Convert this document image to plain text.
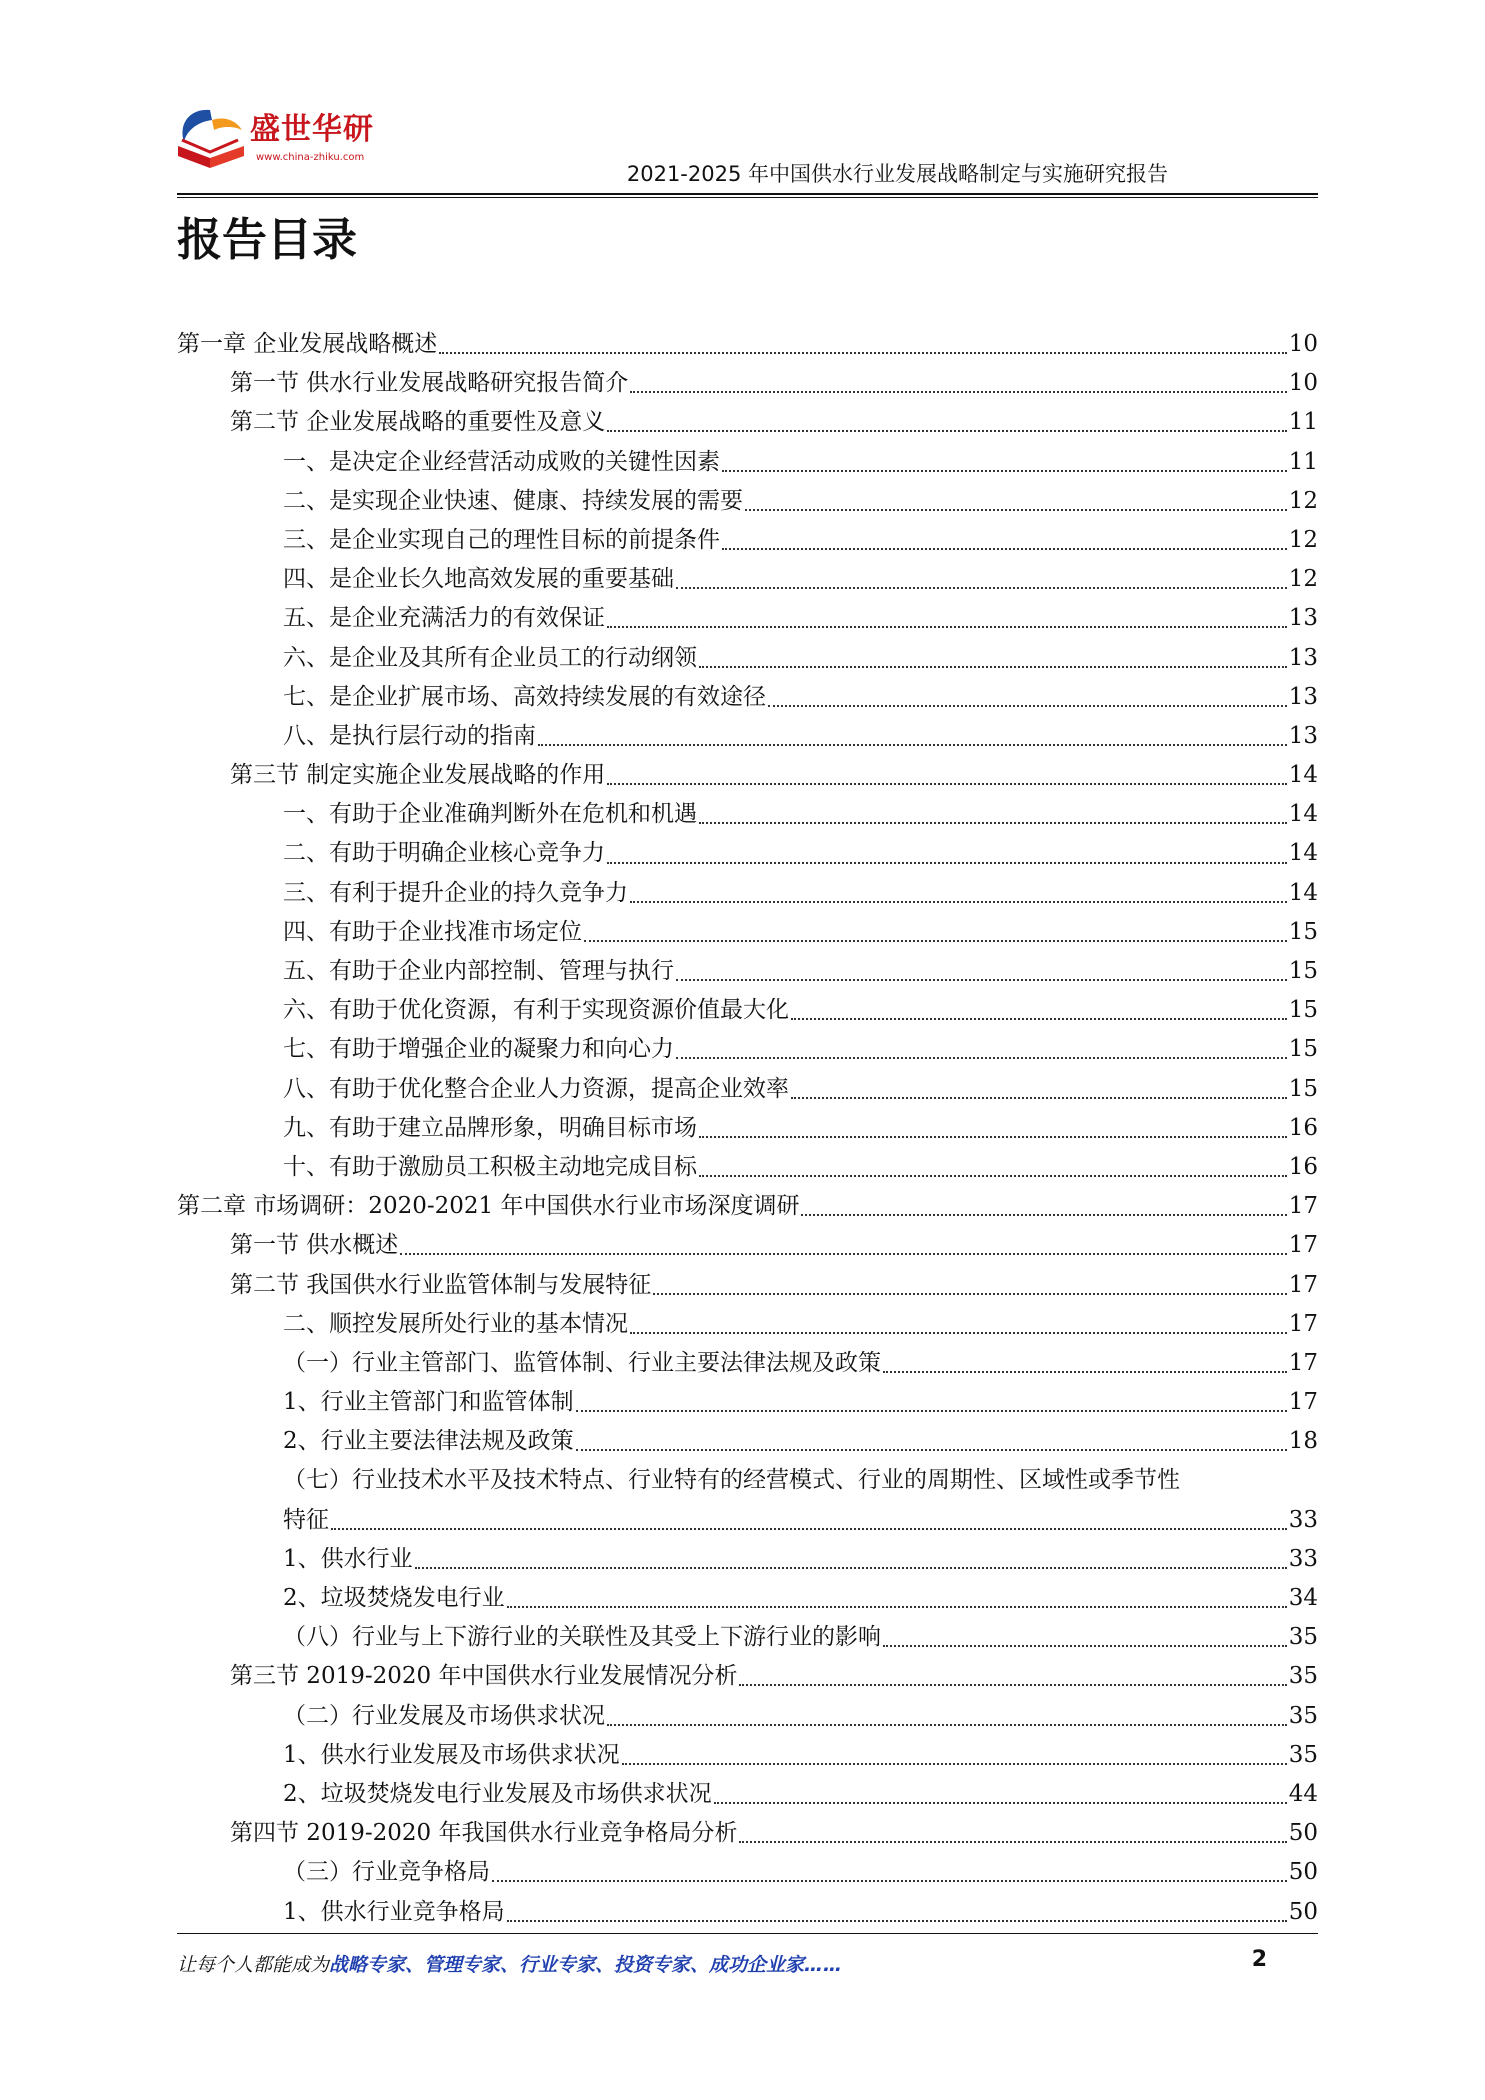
盛世华研
www.china-zhiku.com
2021-2025 年中国供水行业发展战略制定与实施研究报告
报告目录
第一章 企业发展战略概述	10
第一节 供水行业发展战略研究报告简介	10
第二节 企业发展战略的重要性及意义	11
一、是决定企业经营活动成败的关键性因素	11
二、是实现企业快速、健康、持续发展的需要	12
三、是企业实现自己的理性目标的前提条件	12
四、是企业长久地高效发展的重要基础	12
五、是企业充满活力的有效保证	13
六、是企业及其所有企业员工的行动纲领	13
七、是企业扩展市场、高效持续发展的有效途径	13
八、是执行层行动的指南	13
第三节 制定实施企业发展战略的作用	14
一、有助于企业准确判断外在危机和机遇	14
二、有助于明确企业核心竞争力	14
三、有利于提升企业的持久竞争力	14
四、有助于企业找准市场定位	15
五、有助于企业内部控制、管理与执行	15
六、有助于优化资源，有利于实现资源价值最大化	15
七、有助于增强企业的凝聚力和向心力	15
八、有助于优化整合企业人力资源，提高企业效率	15
九、有助于建立品牌形象，明确目标市场	16
十、有助于激励员工积极主动地完成目标	16
第二章 市场调研：2020-2021 年中国供水行业市场深度调研	17
第一节 供水概述	17
第二节 我国供水行业监管体制与发展特征	17
二、顺控发展所处行业的基本情况	17
（一）行业主管部门、监管体制、行业主要法律法规及政策	17
1、行业主管部门和监管体制	17
2、行业主要法律法规及政策	18
（七）行业技术水平及技术特点、行业特有的经营模式、行业的周期性、区域性或季节性
特征	33
1、供水行业	33
2、垃圾焚烧发电行业	34
（八）行业与上下游行业的关联性及其受上下游行业的影响	35
第三节 2019-2020 年中国供水行业发展情况分析	35
（二）行业发展及市场供求状况	35
1、供水行业发展及市场供求状况	35
2、垃圾焚烧发电行业发展及市场供求状况	44
第四节 2019-2020 年我国供水行业竞争格局分析	50
（三）行业竞争格局	50
1、供水行业竞争格局	50
让每个人都能成为战略专家、管理专家、行业专家、投资专家、成功企业家……	2
